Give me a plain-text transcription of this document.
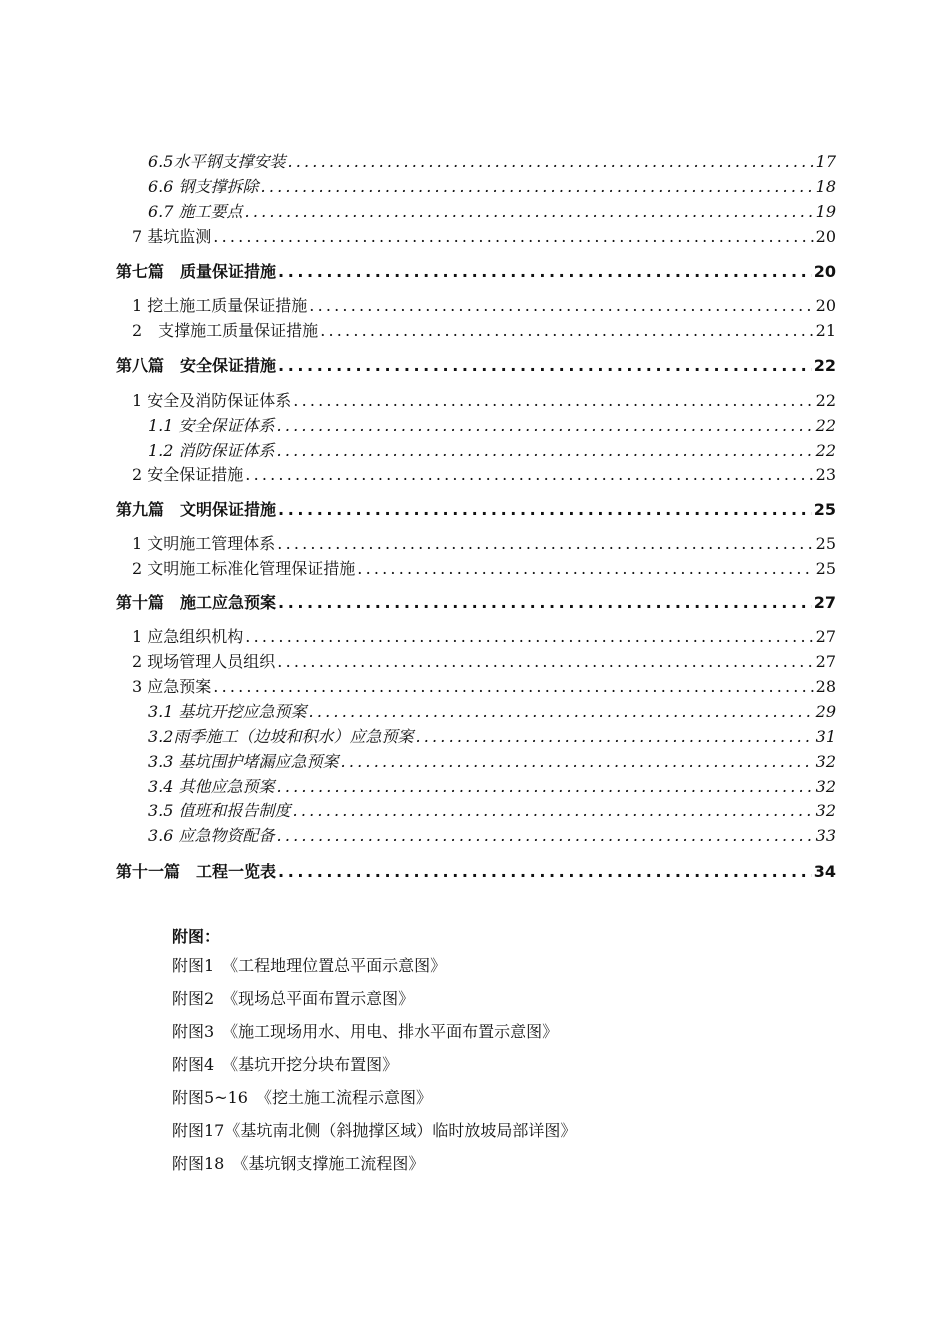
6.5水平钢支撑安装 .....	17
6.6 钢支撑拆除 .....	18
6.7 施工要点 .....	19
7 基坑监测 .....	20
第七篇　质量保证措施 .....	20
1 挖土施工质量保证措施 .....	20
2　支撑施工质量保证措施 .....	21
第八篇　安全保证措施 .....	22
1 安全及消防保证体系 .....	22
1.1 安全保证体系 .....	22
1.2 消防保证体系 .....	22
2 安全保证措施 .....	23
第九篇　文明保证措施 .....	25
1 文明施工管理体系 .....	25
2 文明施工标准化管理保证措施 .....	25
第十篇　施工应急预案 .....	27
1 应急组织机构 .....	27
2 现场管理人员组织 .....	27
3 应急预案 .....	28
3.1 基坑开挖应急预案 .....	29
3.2雨季施工（边坡和积水）应急预案 .....	31
3.3 基坑围护堵漏应急预案 .....	32
3.4 其他应急预案 .....	32
3.5 值班和报告制度 .....	32
3.6 应急物资配备 .....	33
第十一篇　工程一览表 .....	34
附图：
附图1　《工程地理位置总平面示意图》
附图2　《现场总平面布置示意图》
附图3　《施工现场用水、用电、排水平面布置示意图》
附图4　《基坑开挖分块布置图》
附图5~16　《挖土施工流程示意图》
附图17《基坑南北侧（斜抛撑区域）临时放坡局部详图》
附图18　《基坑钢支撑施工流程图》
